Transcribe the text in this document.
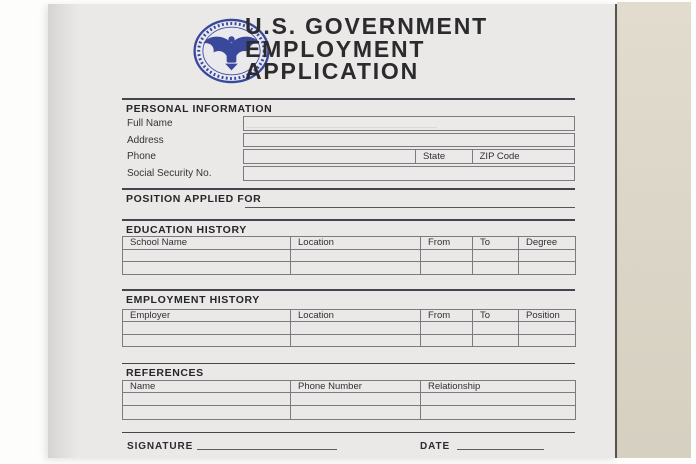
U.S. GOVERNMENT
EMPLOYMENT
APPLICATION
PERSONAL INFORMATION
Full Name
Address
Phone	State	ZIP Code
Social Security No.
POSITION APPLIED FOR
EDUCATION HISTORY
School Name	Location	From	To	Degree

EMPLOYMENT HISTORY
Employer	Location	From	To	Position

REFERENCES
Name	Phone Number	Relationship

SIGNATURE	DATE
